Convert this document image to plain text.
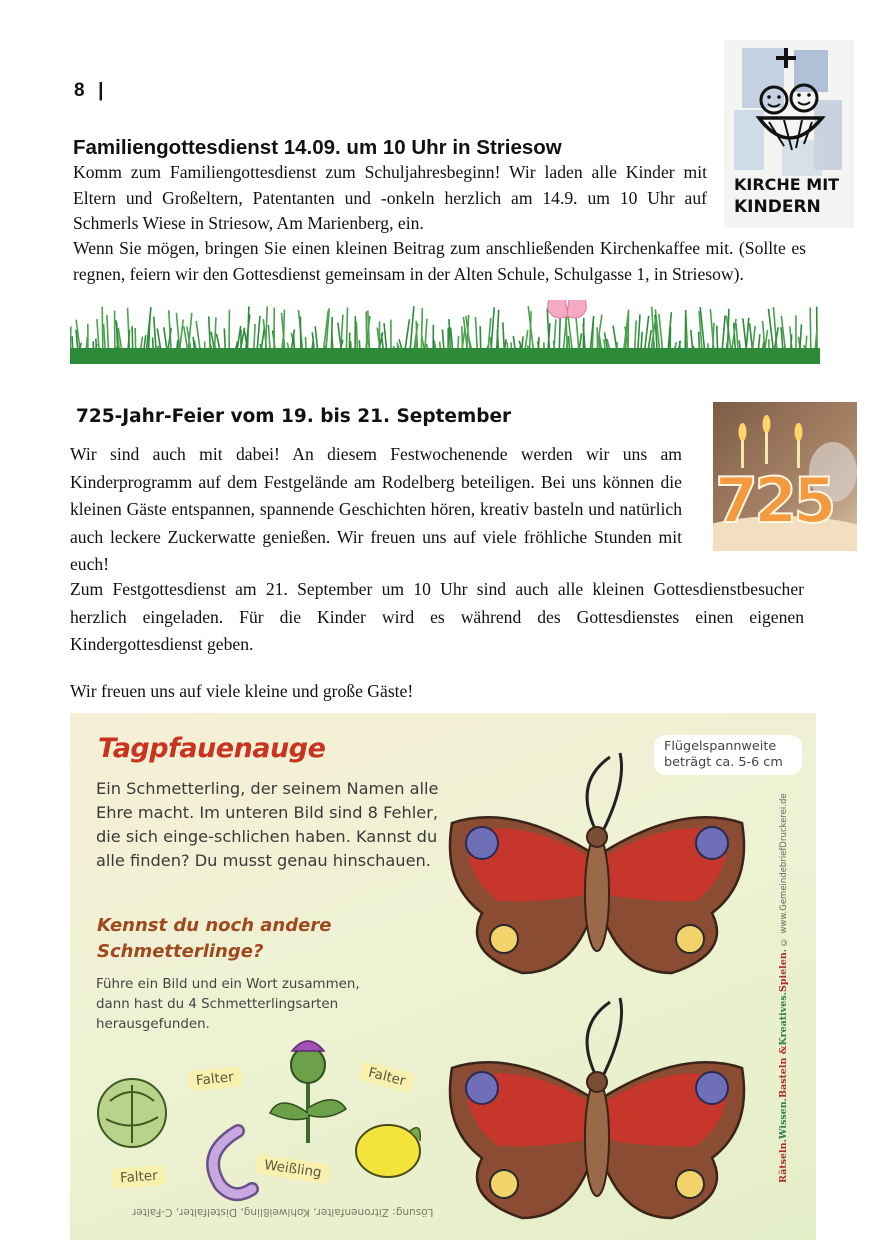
8 |
Familiengottesdienst 14.09. um 10 Uhr in Striesow
Komm zum Familiengottesdienst zum Schuljahresbeginn! Wir laden alle Kinder mit Eltern und Großeltern, Patentanten und -onkeln herzlich am 14.9. um 10 Uhr auf Schmerls Wiese in Striesow, Am Marienberg, ein.
Wenn Sie mögen, bringen Sie einen kleinen Beitrag zum anschließenden Kirchenkaffee mit. (Sollte es regnen, feiern wir den Gottesdienst gemeinsam in der Alten Schule, Schulgasse 1, in Striesow).
KIRCHE MIT
KINDERN
725-Jahr-Feier vom 19. bis 21. September
Wir sind auch mit dabei! An diesem Festwochenende werden wir uns am Kinderprogramm auf dem Festgelände am Rodelberg beteiligen. Bei uns können die kleinen Gäste entspannen, spannende Geschichten hören, kreativ basteln und natürlich auch leckere Zuckerwatte genießen. Wir freuen uns auf viele fröhliche Stunden mit euch!
Zum Festgottesdienst am 21. September um 10 Uhr sind auch alle kleinen Gottesdienstbesucher herzlich eingeladen. Für die Kinder wird es während des Gottesdienstes einen eigenen Kindergottesdienst geben.
Wir freuen uns auf viele kleine und große Gäste!
725
Tagpfauenauge
Ein Schmetterling, der seinem Namen alle Ehre macht. Im unteren Bild sind 8 Fehler, die sich einge-schlichen haben. Kannst du alle finden? Du musst genau hinschauen.
Kennst du noch andere Schmetterlinge?
Führe ein Bild und ein Wort zusammen, dann hast du 4 Schmetterlingsarten herausgefunden.
Flügelspannweite beträgt ca. 5-6 cm
Falter	Falter
Falter	Weißling	Rätseln.Wissen.Basteln &Kreatives.Spielen. © www.GemeindebriefDruckerei.de
Lösung: Zitronenfalter, Kohlweißling, Distelfalter, C-Falter
